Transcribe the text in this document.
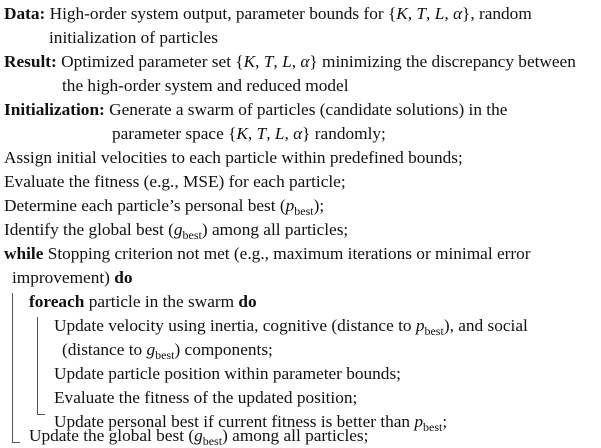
Data: High-order system output, parameter bounds for {K, T, L, α}, random
initialization of particles
Result: Optimized parameter set {K, T, L, α} minimizing the discrepancy between
the high-order system and reduced model
Initialization: Generate a swarm of particles (candidate solutions) in the
parameter space {K, T, L, α} randomly;
Assign initial velocities to each particle within predefined bounds;
Evaluate the fitness (e.g., MSE) for each particle;
Determine each particle’s personal best $(p_{best})$;
Identify the global best $(g_{best})$ among all particles;
while Stopping criterion not met (e.g., maximum iterations or minimal error
improvement) do
foreach particle in the swarm do
Update velocity using inertia, cognitive (distance to $p_{best}$), and social
(distance to $g_{best}$) components;
Update particle position within parameter bounds;
Evaluate the fitness of the updated position;
Update personal best if current fitness is better than $p_{best}$;
Update the global best $(g_{best})$ among all particles;
